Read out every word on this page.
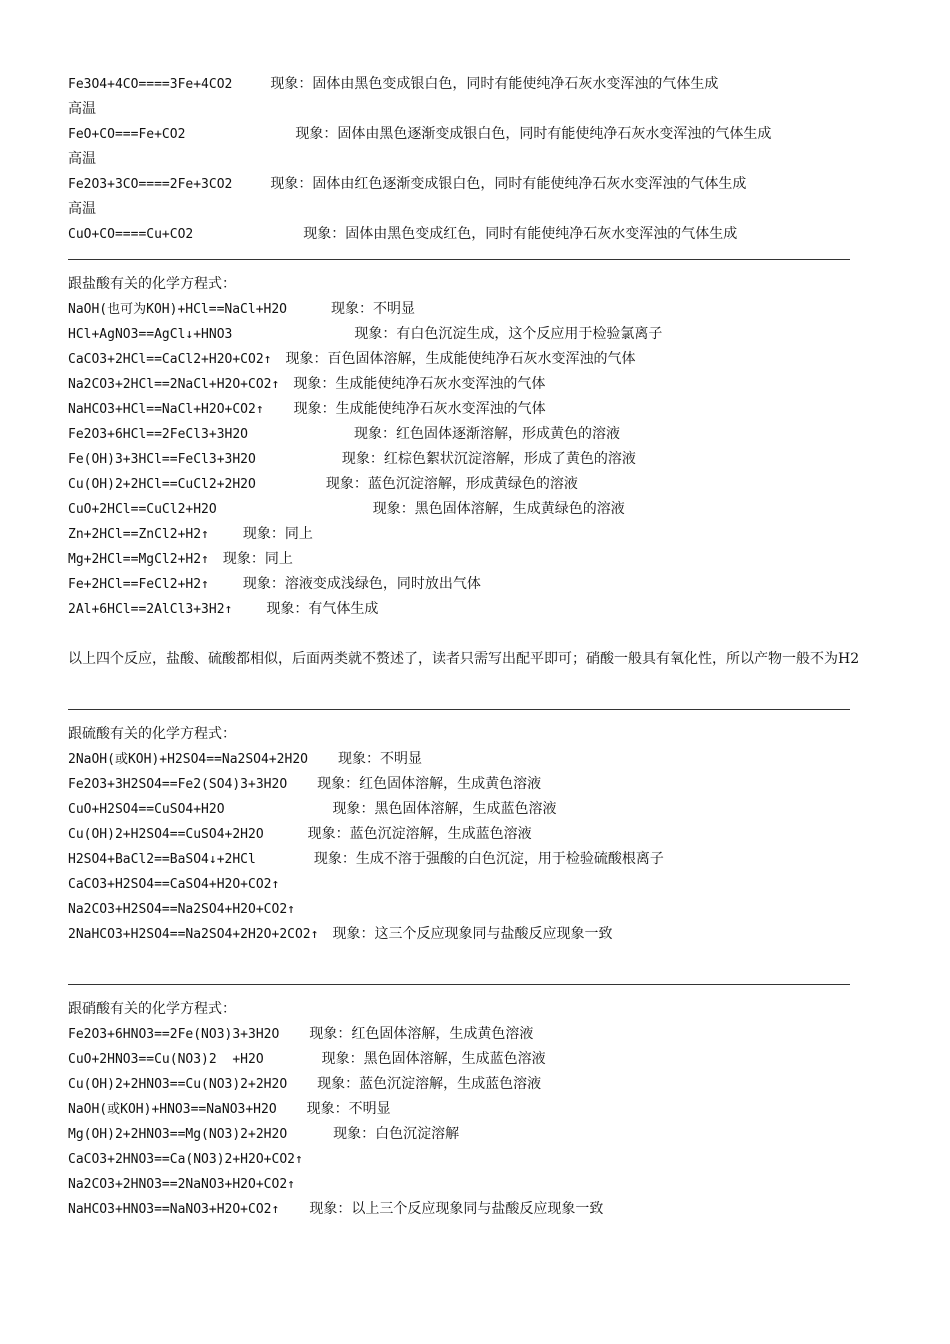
Fe3O4+4CO====3Fe+4CO2	现象：固体由黑色变成银白色，同时有能使纯净石灰水变浑浊的气体生成
高温
FeO+CO===Fe+CO2	现象：固体由黑色逐渐变成银白色，同时有能使纯净石灰水变浑浊的气体生成
高温
Fe2O3+3CO====2Fe+3CO2	现象：固体由红色逐渐变成银白色，同时有能使纯净石灰水变浑浊的气体生成
高温
CuO+CO====Cu+CO2	现象：固体由黑色变成红色，同时有能使纯净石灰水变浑浊的气体生成
跟盐酸有关的化学方程式：
NaOH(也可为KOH)+HCl==NaCl+H2O	现象：不明显
HCl+AgNO3==AgCl↓+HNO3	现象：有白色沉淀生成，这个反应用于检验氯离子
CaCO3+2HCl==CaCl2+H2O+CO2↑ 现象：百色固体溶解，生成能使纯净石灰水变浑浊的气体
Na2CO3+2HCl==2NaCl+H2O+CO2↑ 现象：生成能使纯净石灰水变浑浊的气体
NaHCO3+HCl==NaCl+H2O+CO2↑ 现象：生成能使纯净石灰水变浑浊的气体
Fe2O3+6HCl==2FeCl3+3H2O	现象：红色固体逐渐溶解，形成黄色的溶液
Fe(OH)3+3HCl==FeCl3+3H2O	现象：红棕色絮状沉淀溶解，形成了黄色的溶液
Cu(OH)2+2HCl==CuCl2+2H2O	现象：蓝色沉淀溶解，形成黄绿色的溶液
CuO+2HCl==CuCl2+H2O	现象：黑色固体溶解，生成黄绿色的溶液
Zn+2HCl==ZnCl2+H2↑ 现象：同上
Mg+2HCl==MgCl2+H2↑ 现象：同上
Fe+2HCl==FeCl2+H2↑ 现象：溶液变成浅绿色，同时放出气体
2Al+6HCl==2AlCl3+3H2↑ 现象：有气体生成
以上四个反应，盐酸、硫酸都相似，后面两类就不赘述了，读者只需写出配平即可；硝酸一般具有氧化性，所以产物一般不为H2
跟硫酸有关的化学方程式：
2NaOH(或KOH)+H2SO4==Na2SO4+2H2O 现象：不明显
Fe2O3+3H2SO4==Fe2(SO4)3+3H2O 现象：红色固体溶解，生成黄色溶液
CuO+H2SO4==CuSO4+H2O	现象：黑色固体溶解，生成蓝色溶液
Cu(OH)2+H2SO4==CuSO4+2H2O	现象：蓝色沉淀溶解，生成蓝色溶液
H2SO4+BaCl2==BaSO4↓+2HCl	现象：生成不溶于强酸的白色沉淀，用于检验硫酸根离子
CaCO3+H2SO4==CaSO4+H2O+CO2↑
Na2CO3+H2SO4==Na2SO4+H2O+CO2↑
2NaHCO3+H2SO4==Na2SO4+2H2O+2CO2↑ 现象：这三个反应现象同与盐酸反应现象一致
跟硝酸有关的化学方程式：
Fe2O3+6HNO3==2Fe(NO3)3+3H2O 现象：红色固体溶解，生成黄色溶液
CuO+2HNO3==Cu(NO3)2  +H2O	现象：黑色固体溶解，生成蓝色溶液
Cu(OH)2+2HNO3==Cu(NO3)2+2H2O 现象：蓝色沉淀溶解，生成蓝色溶液
NaOH(或KOH)+HNO3==NaNO3+H2O 现象：不明显
Mg(OH)2+2HNO3==Mg(NO3)2+2H2O	现象：白色沉淀溶解
CaCO3+2HNO3==Ca(NO3)2+H2O+CO2↑
Na2CO3+2HNO3==2NaNO3+H2O+CO2↑
NaHCO3+HNO3==NaNO3+H2O+CO2↑ 现象：以上三个反应现象同与盐酸反应现象一致
